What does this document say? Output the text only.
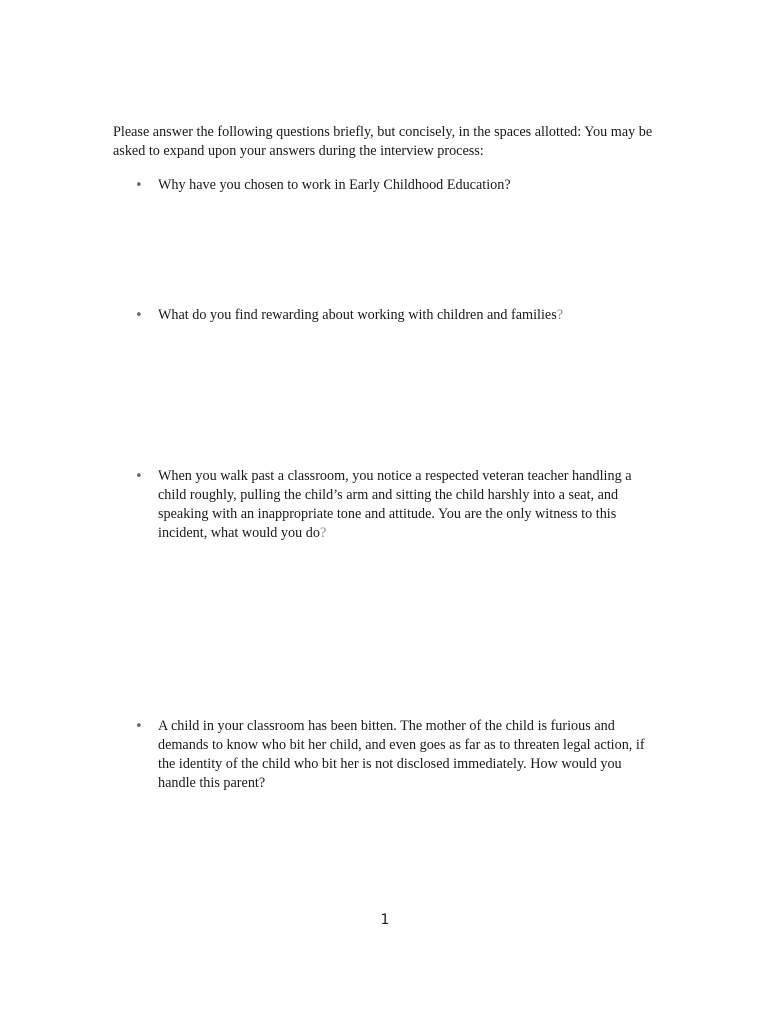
Please answer the following questions briefly, but concisely, in the spaces allotted: You may be asked to expand upon your answers during the interview process:

• Why have you chosen to work in Early Childhood Education?
• What do you find rewarding about working with children and families?
• When you walk past a classroom, you notice a respected veteran teacher handling a child roughly, pulling the child’s arm and sitting the child harshly into a seat, and speaking with an inappropriate tone and attitude. You are the only witness to this incident, what would you do?
• A child in your classroom has been bitten. The mother of the child is furious and demands to know who bit her child, and even goes as far as to threaten legal action, if the identity of the child who bit her is not disclosed immediately. How would you handle this parent?
1
